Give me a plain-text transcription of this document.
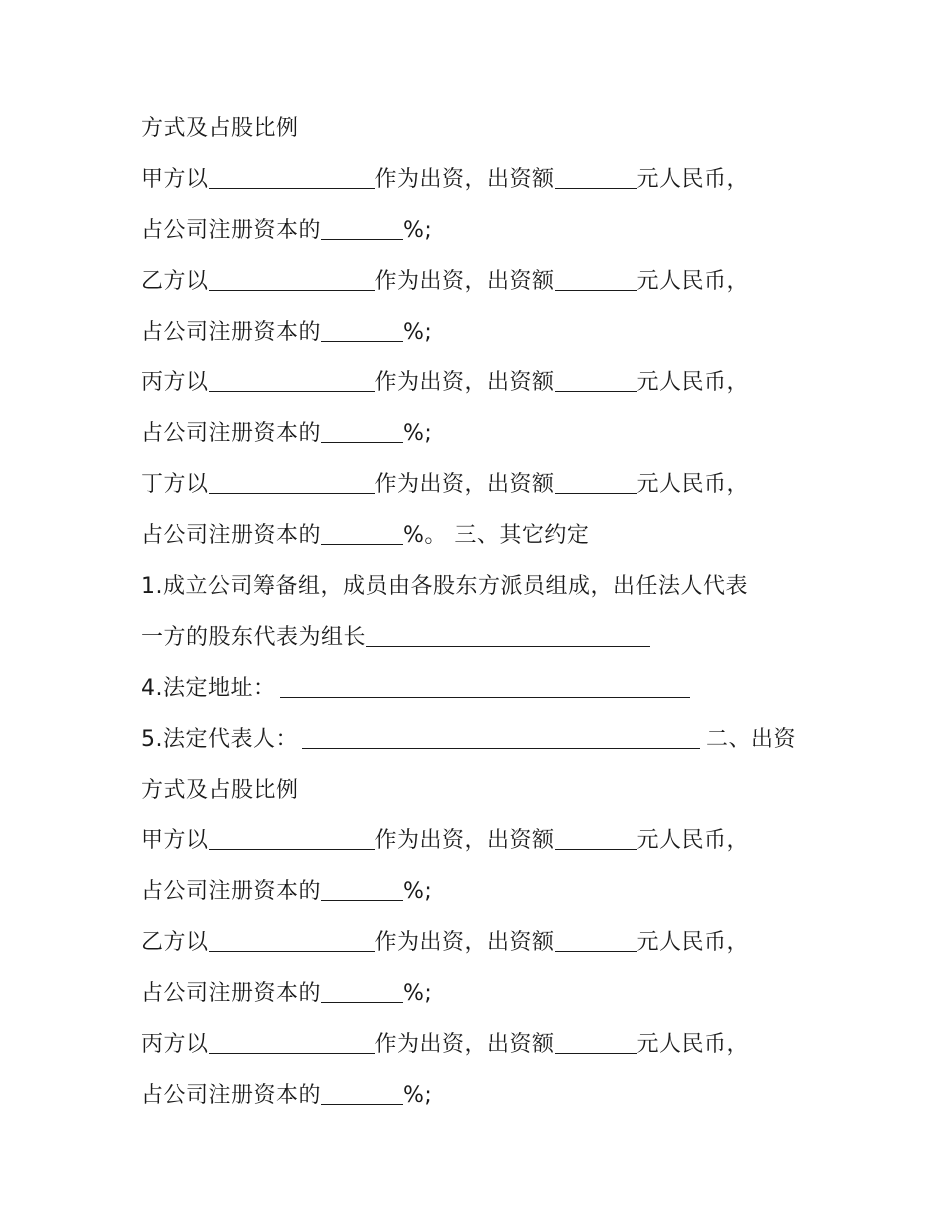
方式及占股比例
甲方以	作为出资，出资额	元人民币，
占公司注册资本的	%;
乙方以	作为出资，出资额	元人民币，
占公司注册资本的	%;
丙方以	作为出资，出资额	元人民币，
占公司注册资本的	%;
丁方以	作为出资，出资额	元人民币，
占公司注册资本的	%。 三、其它约定
1.成立公司筹备组，成员由各股东方派员组成，出任法人代表
一方的股东代表为组长
4.法定地址：
5.法定代表人：	二、出资
方式及占股比例
甲方以	作为出资，出资额	元人民币，
占公司注册资本的	%;
乙方以	作为出资，出资额	元人民币，
占公司注册资本的	%;
丙方以	作为出资，出资额	元人民币，
占公司注册资本的	%;
